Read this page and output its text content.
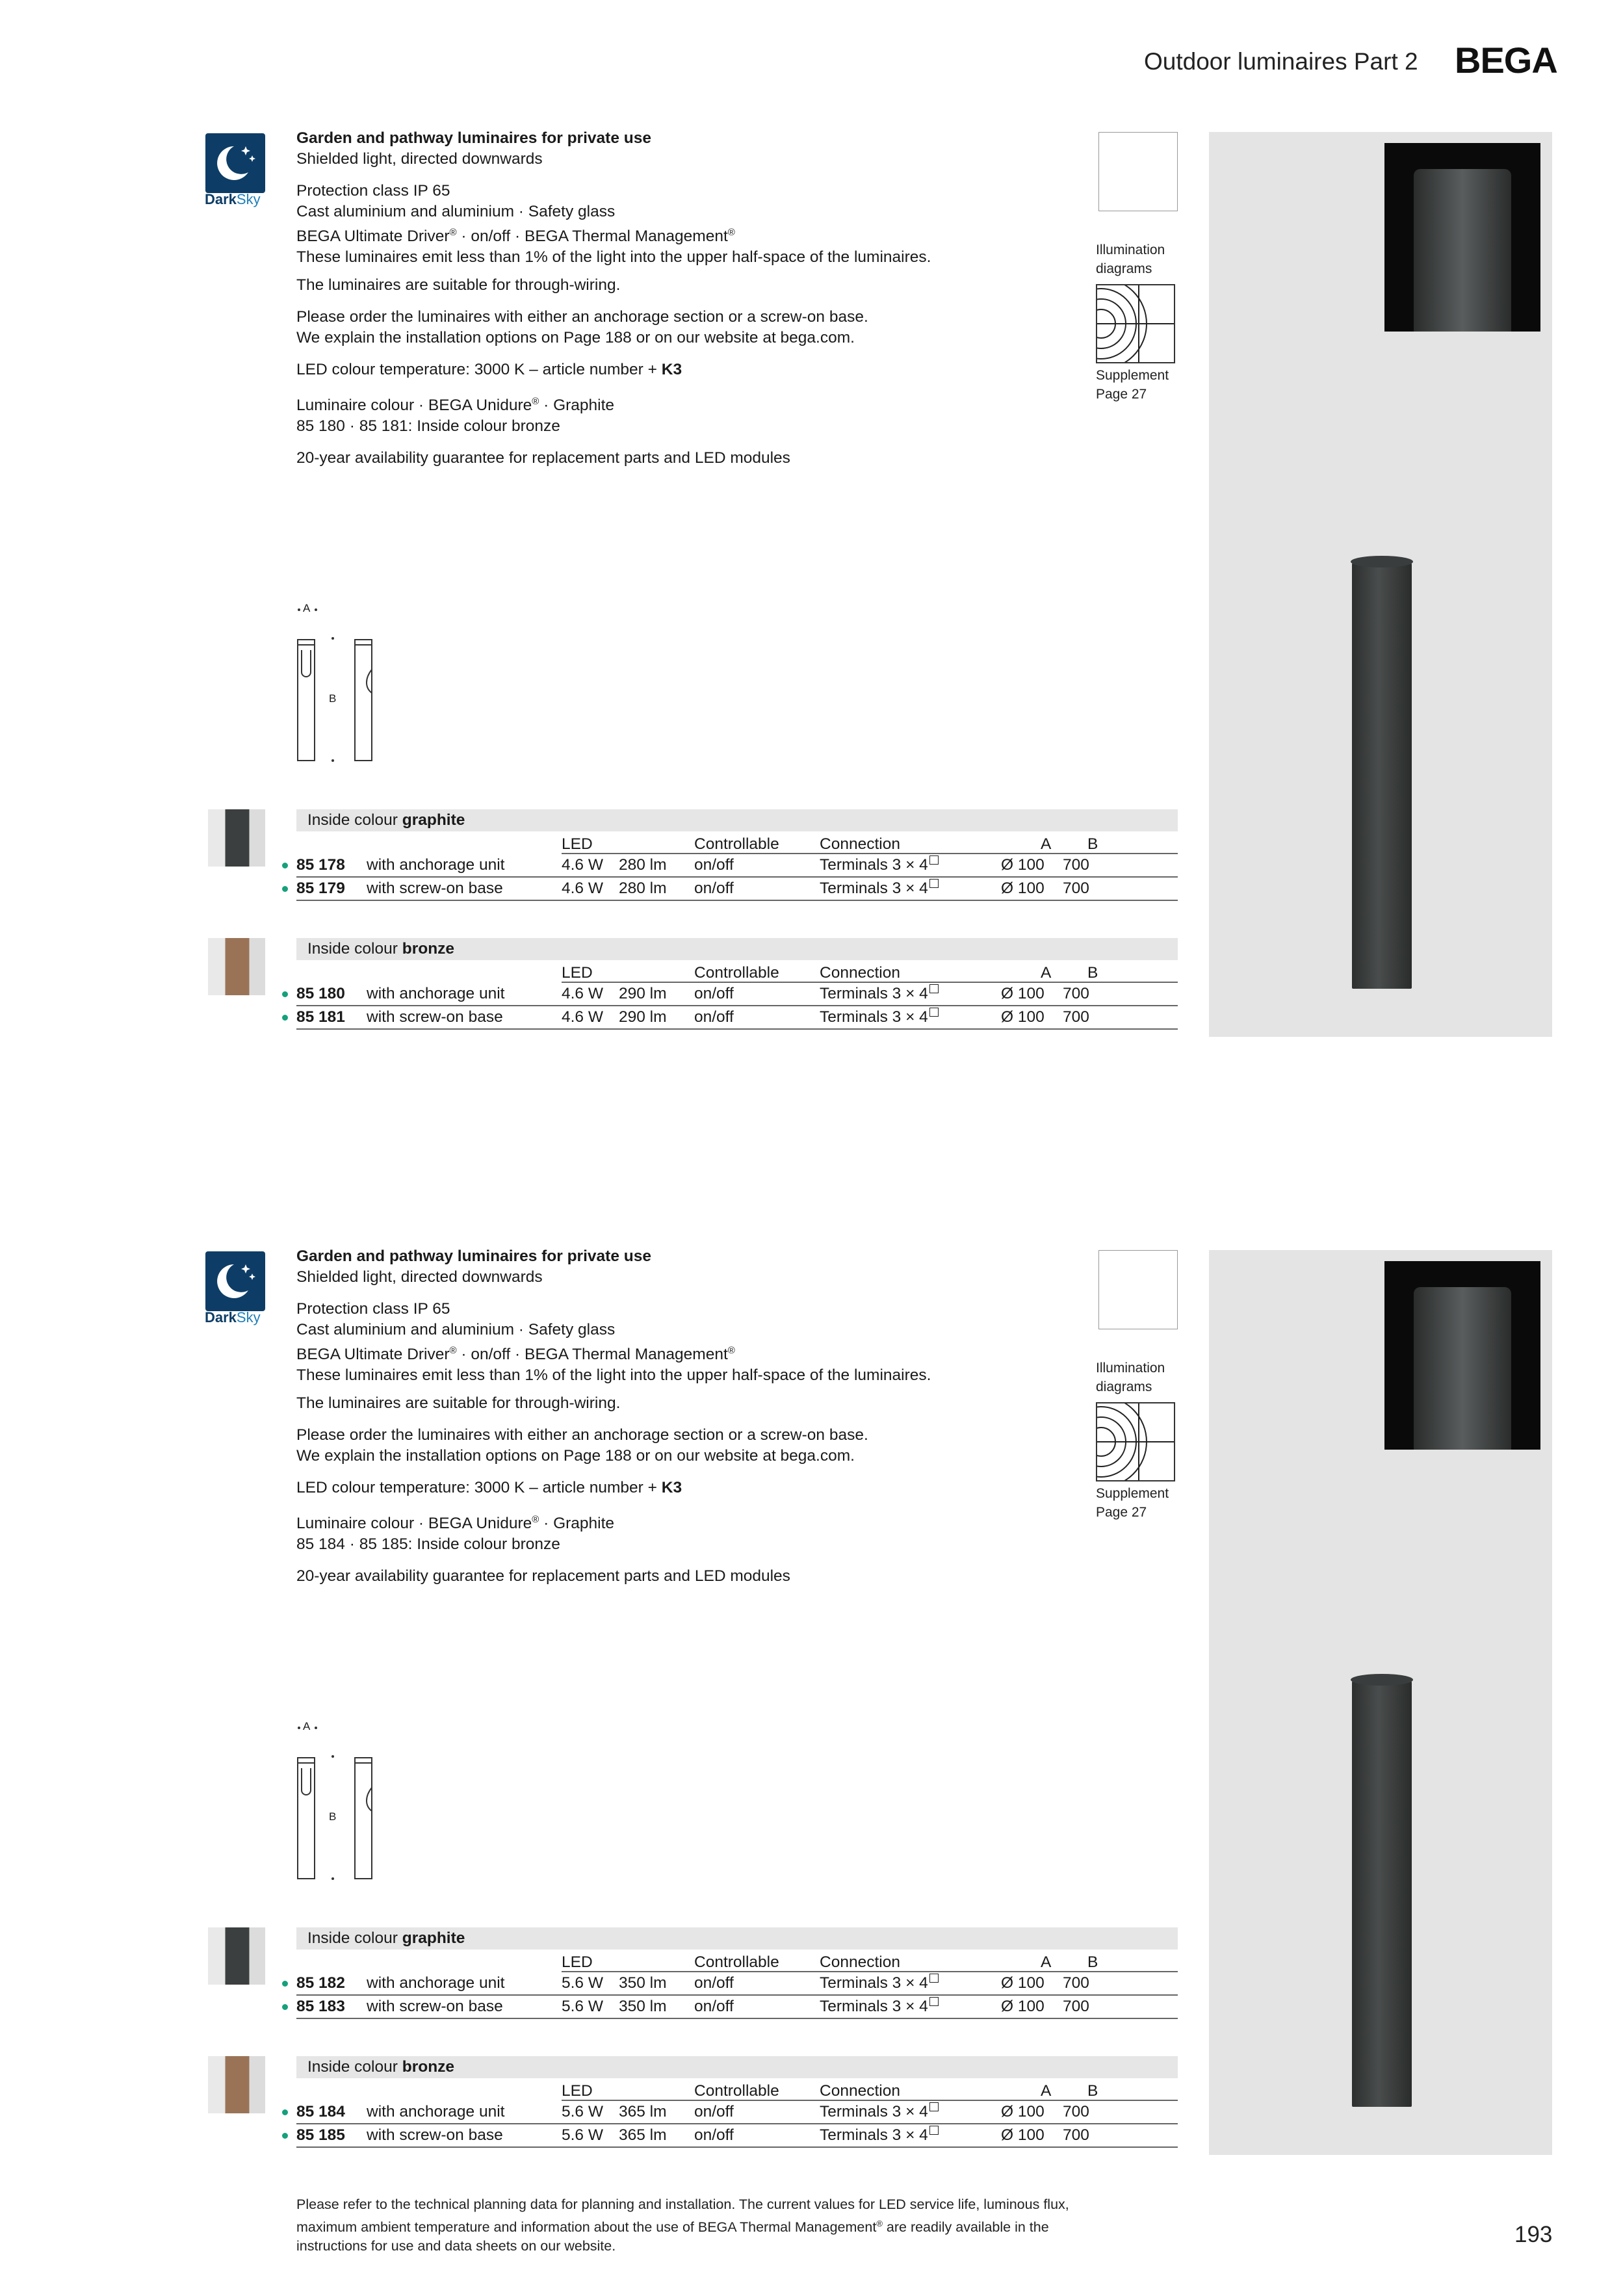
Outdoor luminaires Part 2 BEGA
DarkSky

Garden and pathway luminaires for private use
Shielded light, directed downwards

Protection class IP 65
Cast aluminium and aluminium · Safety glass
BEGA Ultimate Driver® · on/off · BEGA Thermal Management®
These luminaires emit less than 1% of the light into the upper half-space of the luminaires.

The luminaires are suitable for through-wiring.

Please order the luminaires with either an anchorage section or a screw-on base.
We explain the installation options on Page 188 or on our website at bega.com.

LED colour temperature: 3000 K – article number + K3

Luminaire colour · BEGA Unidure® · Graphite
85 180 · 85 181: Inside colour bronze

20-year availability guarantee for replacement parts and LED modules

Illumination
diagrams
Supplement
Page 27
A
B
Inside colour graphite
LED	Controllable	Connection	A B
85 178 with anchorage unit	4.6 W 280 lm on/off	Terminals 3 × 4	Ø 100 700
85 179 with screw-on base	4.6 W 280 lm on/off	Terminals 3 × 4	Ø 100 700
Inside colour bronze
LED	Controllable	Connection	A B
85 180 with anchorage unit	4.6 W 290 lm on/off	Terminals 3 × 4	Ø 100 700
85 181 with screw-on base	4.6 W 290 lm on/off	Terminals 3 × 4	Ø 100 700
DarkSky

Garden and pathway luminaires for private use
Shielded light, directed downwards

Protection class IP 65
Cast aluminium and aluminium · Safety glass
BEGA Ultimate Driver® · on/off · BEGA Thermal Management®
These luminaires emit less than 1% of the light into the upper half-space of the luminaires.

The luminaires are suitable for through-wiring.

Please order the luminaires with either an anchorage section or a screw-on base.
We explain the installation options on Page 188 or on our website at bega.com.

LED colour temperature: 3000 K – article number + K3

Luminaire colour · BEGA Unidure® · Graphite
85 184 · 85 185: Inside colour bronze

20-year availability guarantee for replacement parts and LED modules

Illumination
diagrams
Supplement
Page 27
A
B
Inside colour graphite
LED	Controllable	Connection	A B
85 182 with anchorage unit	5.6 W 350 lm on/off	Terminals 3 × 4	Ø 100 700
85 183 with screw-on base	5.6 W 350 lm on/off	Terminals 3 × 4	Ø 100 700
Inside colour bronze
LED	Controllable	Connection	A B
85 184 with anchorage unit	5.6 W 365 lm on/off	Terminals 3 × 4	Ø 100 700
85 185 with screw-on base	5.6 W 365 lm on/off	Terminals 3 × 4	Ø 100 700
Please refer to the technical planning data for planning and installation. The current values for LED service life, luminous flux,
maximum ambient temperature and information about the use of BEGA Thermal Management® are readily available in the
instructions for use and data sheets on our website.	193
